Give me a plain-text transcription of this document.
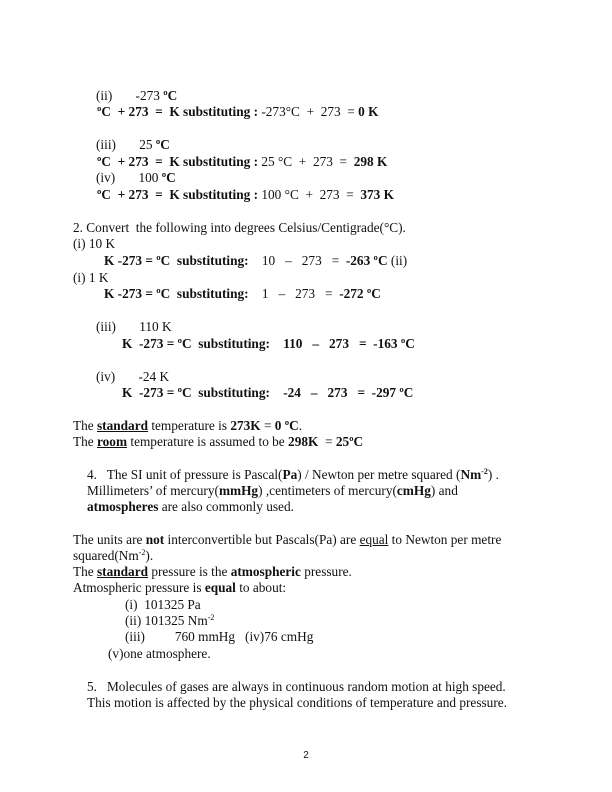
(ii) -273 ºC
ºC  + 273  =  K substituting : -273°C  +  273  = 0 K
(iii) 25 ºC
ºC  + 273  =  K substituting : 25 °C  +  273  =  298 K
(iv) 100 ºC
ºC  + 273  =  K substituting : 100 °C  +  273  =  373 K
2. Convert  the following into degrees Celsius/Centigrade(°C).
(i) 10 K
K -273 = ºC  substituting:    10   –   273   =  -263 ºC (ii)
(i) 1 K
K -273 = ºC  substituting:    1   –   273   =  -272 ºC
(iii) 110 K
K  -273 = ºC  substituting:    110   –   273   =  -163 ºC
(iv) -24 K
K  -273 = ºC  substituting:    -24   –   273   =  -297 ºC
The standard temperature is 273K = 0 ºC.
The room temperature is assumed to be 298K  = 25ºC
4.   The SI unit of pressure is Pascal(Pa) / Newton per metre squared $(Nm^{-2})$ .
Millimeters’ of mercury(mmHg) ,centimeters of mercury(cmHg) and
atmospheres are also commonly used.
The units are not interconvertible but Pascals(Pa) are equal to Newton per metre
$squared(Nm^{-2})$.
The standard pressure is the atmospheric pressure.
Atmospheric pressure is equal to about:
(i)  101325 Pa
(ii) 101325 $Nm^{-2}$
(iii)         760 mmHg   (iv)76 cmHg
(v)one atmosphere.
5.   Molecules of gases are always in continuous random motion at high speed.
This motion is affected by the physical conditions of temperature and pressure.
2
